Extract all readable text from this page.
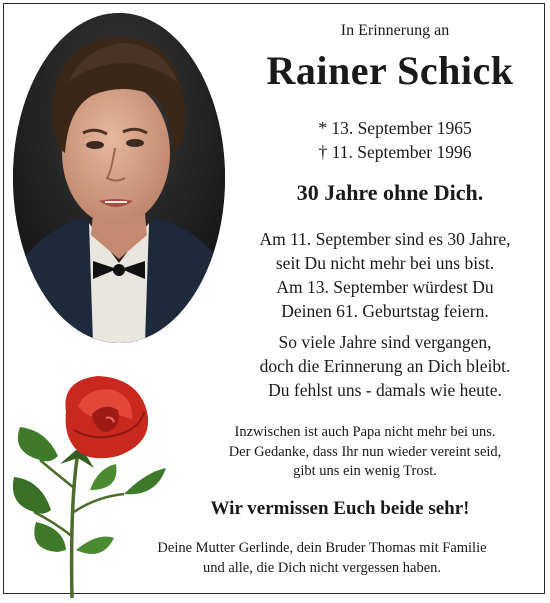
In Erinnerung an
Rainer Schick
* 13. September 1965
† 11. September 1996
30 Jahre ohne Dich.
Am 11. September sind es 30 Jahre,
seit Du nicht mehr bei uns bist.
Am 13. September würdest Du
Deinen 61. Geburtstag feiern.
So viele Jahre sind vergangen,
doch die Erinnerung an Dich bleibt.
Du fehlst uns - damals wie heute.
Inzwischen ist auch Papa nicht mehr bei uns.
Der Gedanke, dass Ihr nun wieder vereint seid,
gibt uns ein wenig Trost.
Wir vermissen Euch beide sehr!
Deine Mutter Gerlinde, dein Bruder Thomas mit Familie
und alle, die Dich nicht vergessen haben.
